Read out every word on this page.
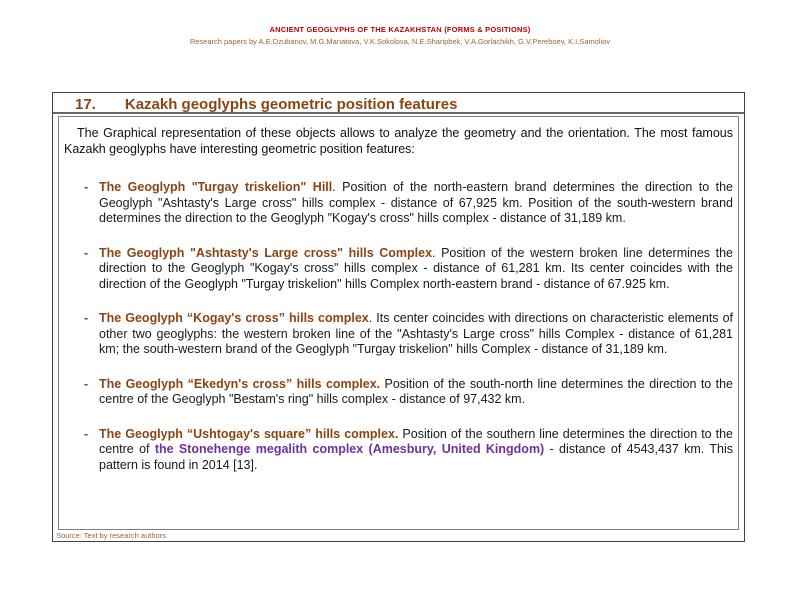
ANCIENT GEOGLYPHS OF THE KAZAKHSTAN (FORMS & POSITIONS)
Research papers by A.E.Dzubanov, M.G.Manatova, V.K.Sokolova, N.E.Sharipbek, V.A.Gorlachikh, G.V.Pereboev, K.I.Samoliov
17. Kazakh geoglyphs geometric position features

The Graphical representation of these objects allows to analyze the geometry and the orientation. The most famous Kazakh geoglyphs have interesting geometric position features:

- The Geoglyph "Turgay triskelion" Hill. Position of the north-eastern brand determines the direction to the Geoglyph "Ashtasty's Large cross" hills complex - distance of 67,925 km. Position of the south-western brand determines the direction to the Geoglyph "Kogay's cross" hills complex - distance of 31,189 km.
- The Geoglyph "Ashtasty's Large cross" hills Complex. Position of the western broken line determines the direction to the Geoglyph "Kogay's cross" hills complex - distance of 61,281 km. Its center coincides with the direction of the Geoglyph "Turgay triskelion" hills Complex north-eastern brand - distance of 67.925 km.
- The Geoglyph “Kogay's cross” hills complex. Its center coincides with directions on characteristic elements of other two geoglyphs: the western broken line of the "Ashtasty's Large cross" hills Complex - distance of 61,281 km; the south-western brand of the Geoglyph "Turgay triskelion" hills Complex - distance of 31,189 km.
- The Geoglyph “Ekedyn's cross” hills complex. Position of the south-north line determines the direction to the centre of the Geoglyph "Bestam's ring" hills complex - distance of 97,432 km.
- The Geoglyph “Ushtogay's square” hills complex. Position of the southern line determines the direction to the centre of the Stonehenge megalith complex (Amesbury, United Kingdom) - distance of 4543,437 km. This pattern is found in 2014 [13].
Source: Text by research authors
